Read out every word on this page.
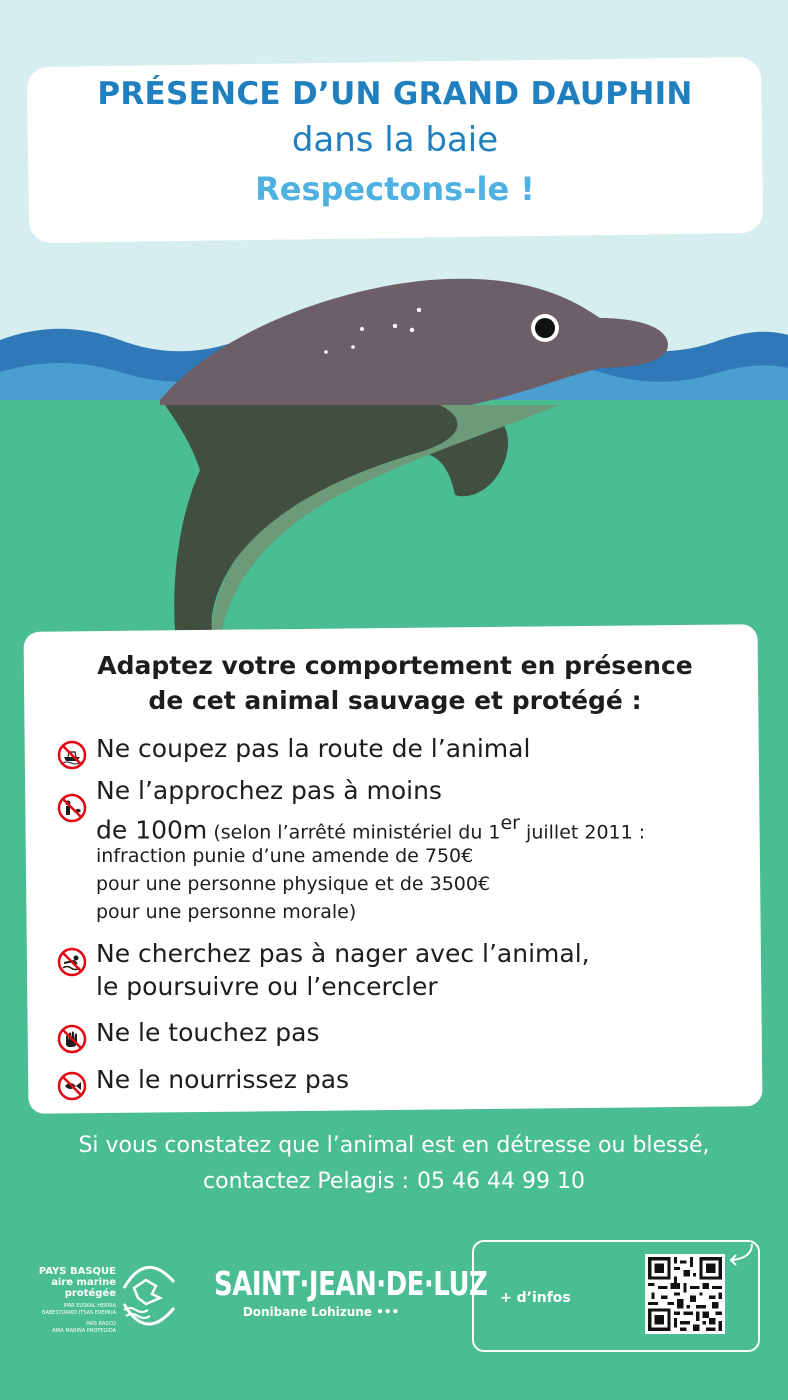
PRÉSENCE D’UN GRAND DAUPHIN
dans la baie
Respectons-le !
Adaptez votre comportement en présence
de cet animal sauvage et protégé :
Ne coupez pas la route de l’animal
Ne l’approchez pas à moins
de 100m (selon l’arrêté ministériel du 1er juillet 2011 :
infraction punie d’une amende de 750€
pour une personne physique et de 3500€
pour une personne morale)
Ne cherchez pas à nager avec l’animal,
le poursuivre ou l’encercler
Ne le touchez pas
Ne le nourrissez pas
Si vous constatez que l’animal est en détresse ou blessé,
contactez Pelagis : 05 46 44 99 10
PAYS BASQUE
aire marine
protégée
IPAR EUSKAL HERRIA
BABESTURIKO ITSAS EREMUA
PAÍS BASCO
AIRA MARINA PROTEGIDA
SAINT·JEAN·DE·LUZ
Donibane Lohizune •••
+ d’infos
